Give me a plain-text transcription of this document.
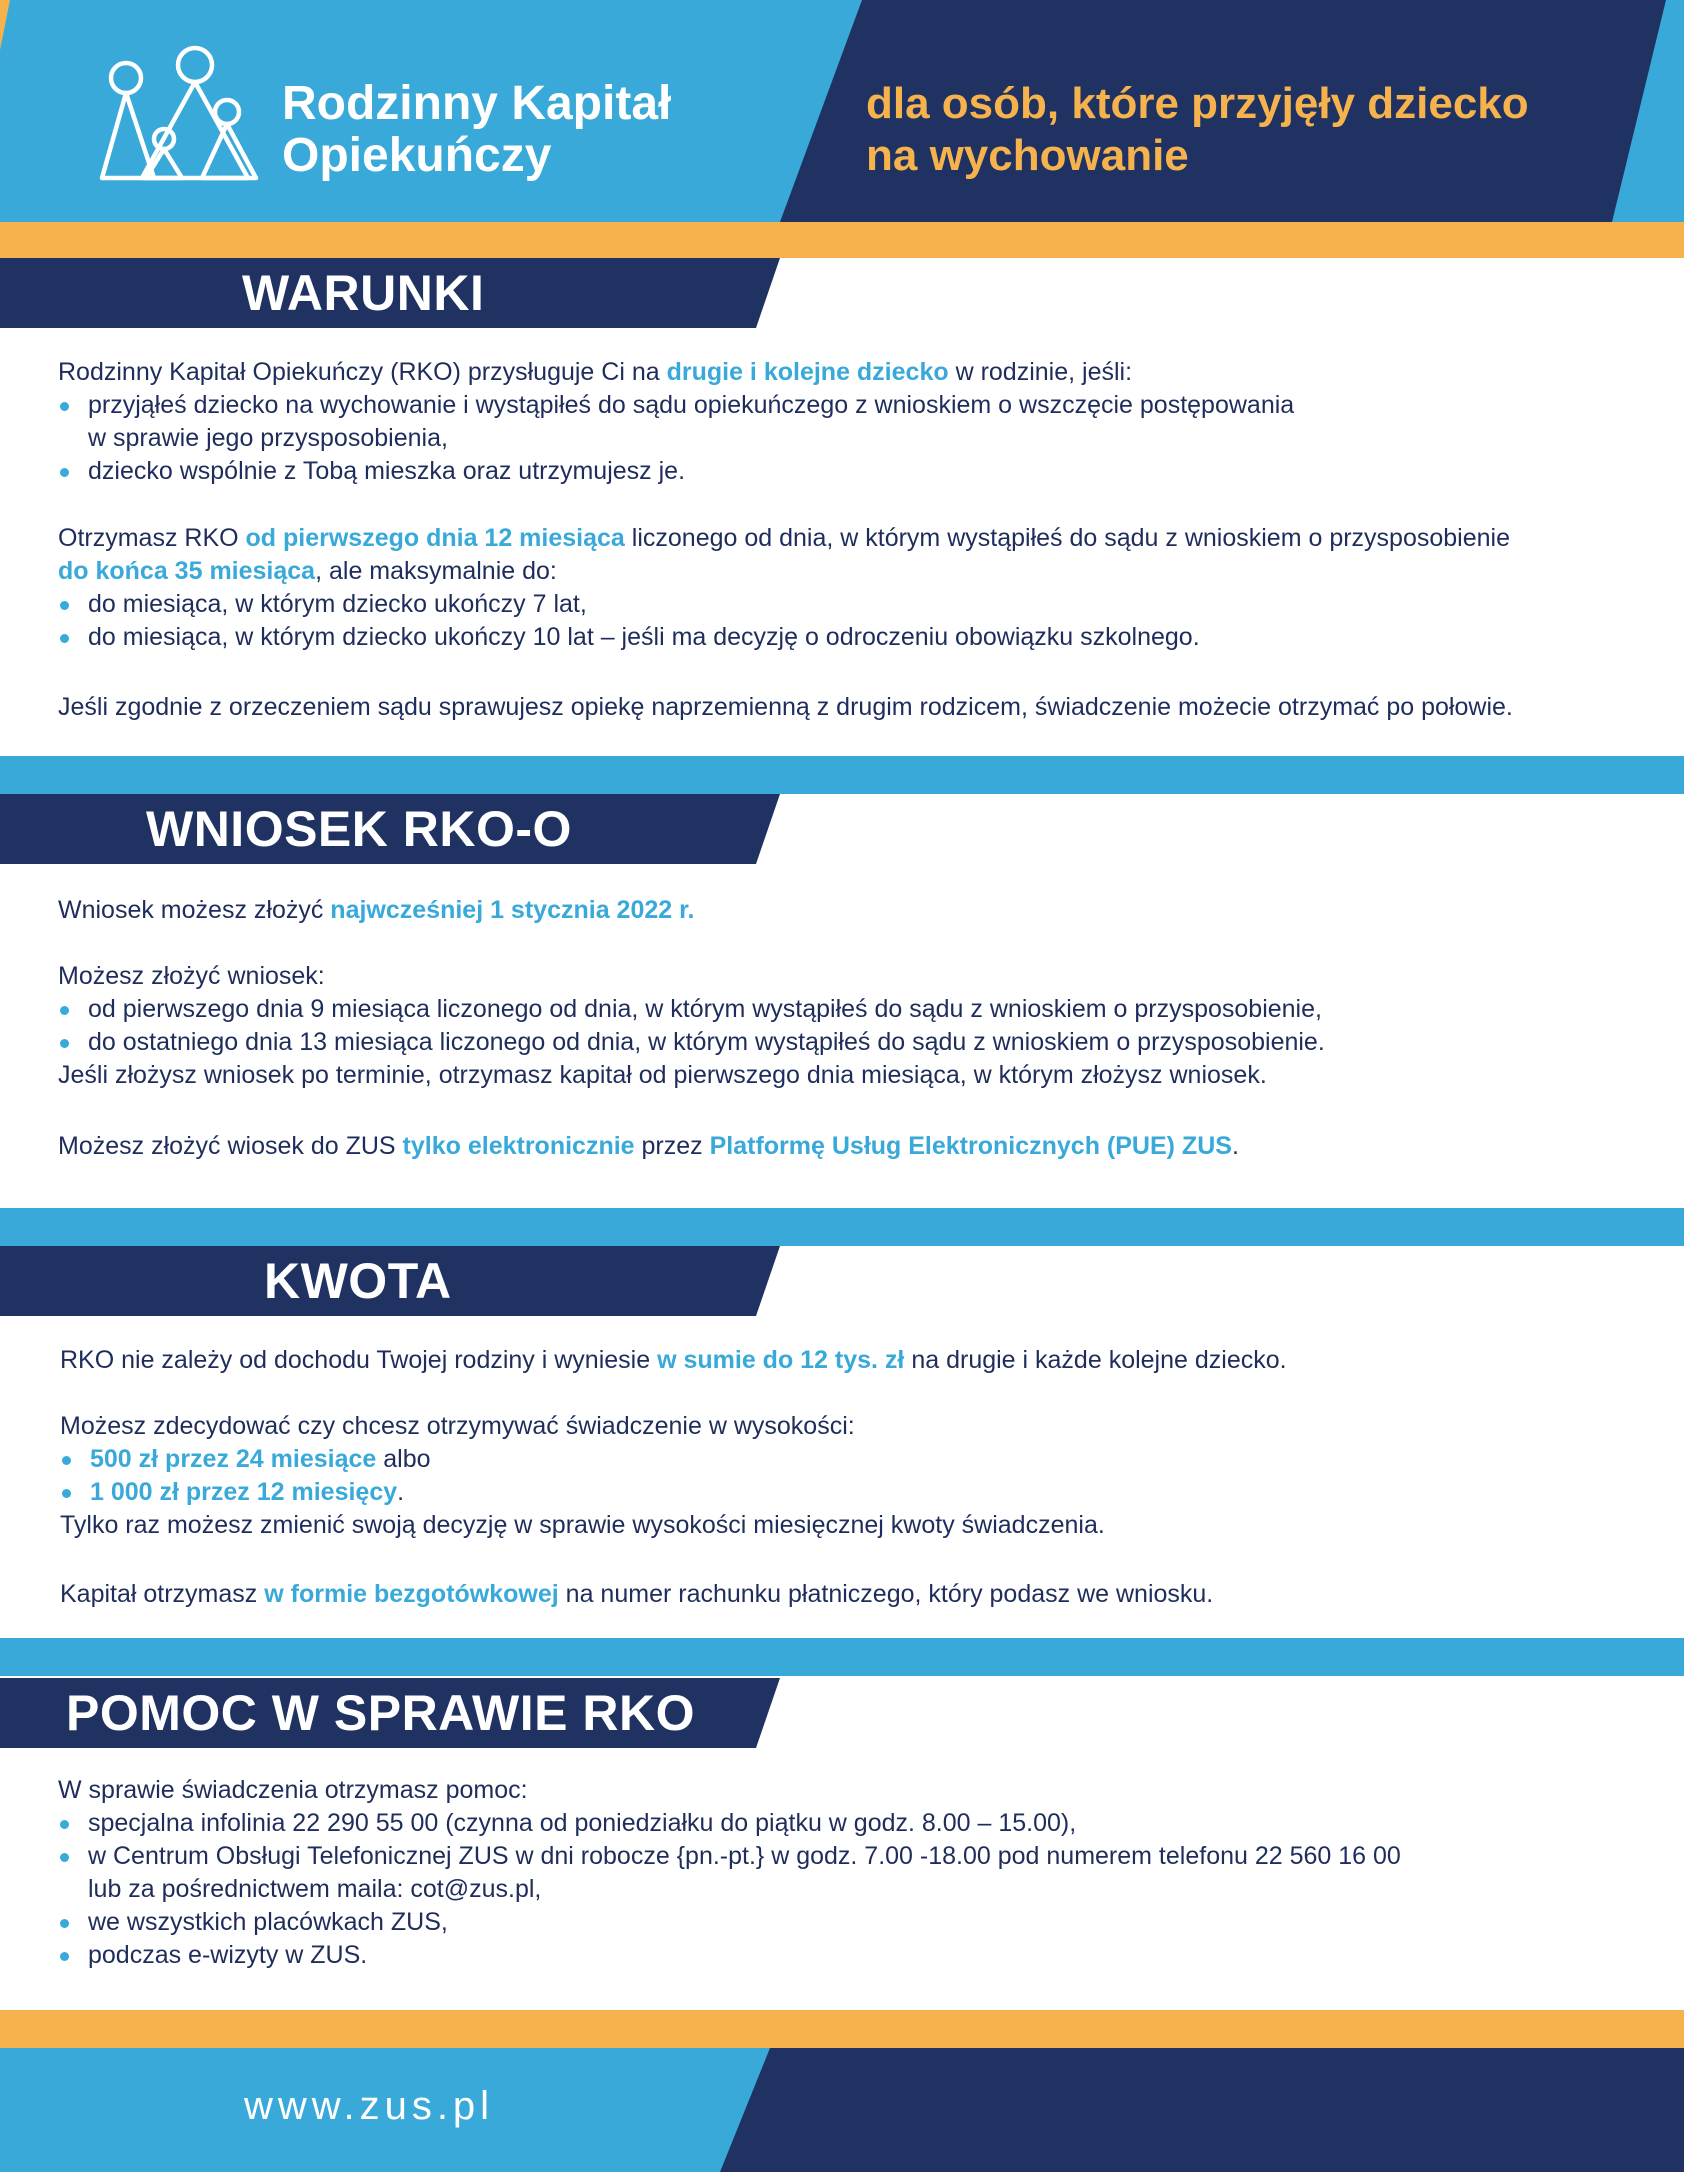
Rodzinny Kapitał
Opiekuńczy
dla osób, które przyjęły dziecko
na wychowanie
WARUNKI

Rodzinny Kapitał Opiekuńczy (RKO) przysługuje Ci na drugie i kolejne dziecko w rodzinie, jeśli:

przyjąłeś dziecko na wychowanie i wystąpiłeś do sądu opiekuńczego z wnioskiem o wszczęcie postępowania

w sprawie jego przysposobienia,

dziecko wspólnie z Tobą mieszka oraz utrzymujesz je.

Otrzymasz RKO od pierwszego dnia 12 miesiąca liczonego od dnia, w którym wystąpiłeś do sądu z wnioskiem o przysposobienie

do końca 35 miesiąca, ale maksymalnie do:

do miesiąca, w którym dziecko ukończy 7 lat,

do miesiąca, w którym dziecko ukończy 10 lat – jeśli ma decyzję o odroczeniu obowiązku szkolnego.

Jeśli zgodnie z orzeczeniem sądu sprawujesz opiekę naprzemienną z drugim rodzicem, świadczenie możecie otrzymać po połowie.
WNIOSEK RKO-O
Wniosek możesz złożyć najwcześniej 1 stycznia 2022 r.

Możesz złożyć wniosek:

od pierwszego dnia 9 miesiąca liczonego od dnia, w którym wystąpiłeś do sądu z wnioskiem o przysposobienie,

do ostatniego dnia 13 miesiąca liczonego od dnia, w którym wystąpiłeś do sądu z wnioskiem o przysposobienie.

Jeśli złożysz wniosek po terminie, otrzymasz kapitał od pierwszego dnia miesiąca, w którym złożysz wniosek.

Możesz złożyć wiosek do ZUS tylko elektronicznie przez Platformę Usług Elektronicznych (PUE) ZUS.
KWOTA
RKO nie zależy od dochodu Twojej rodziny i wyniesie w sumie do 12 tys. zł na drugie i każde kolejne dziecko.

Możesz zdecydować czy chcesz otrzymywać świadczenie w wysokości:

500 zł przez 24 miesiące albo

1 000 zł przez 12 miesięcy.

Tylko raz możesz zmienić swoją decyzję w sprawie wysokości miesięcznej kwoty świadczenia.

Kapitał otrzymasz w formie bezgotówkowej na numer rachunku płatniczego, który podasz we wniosku.
POMOC W SPRAWIE RKO

W sprawie świadczenia otrzymasz pomoc:

specjalna infolinia 22 290 55 00 (czynna od poniedziałku do piątku w godz. 8.00 – 15.00),

w Centrum Obsługi Telefonicznej ZUS w dni robocze {pn.-pt.} w godz. 7.00 -18.00 pod numerem telefonu 22 560 16 00

lub za pośrednictwem maila: cot@zus.pl,

we wszystkich placówkach ZUS,

podczas e-wizyty w ZUS.

www.zus.pl
